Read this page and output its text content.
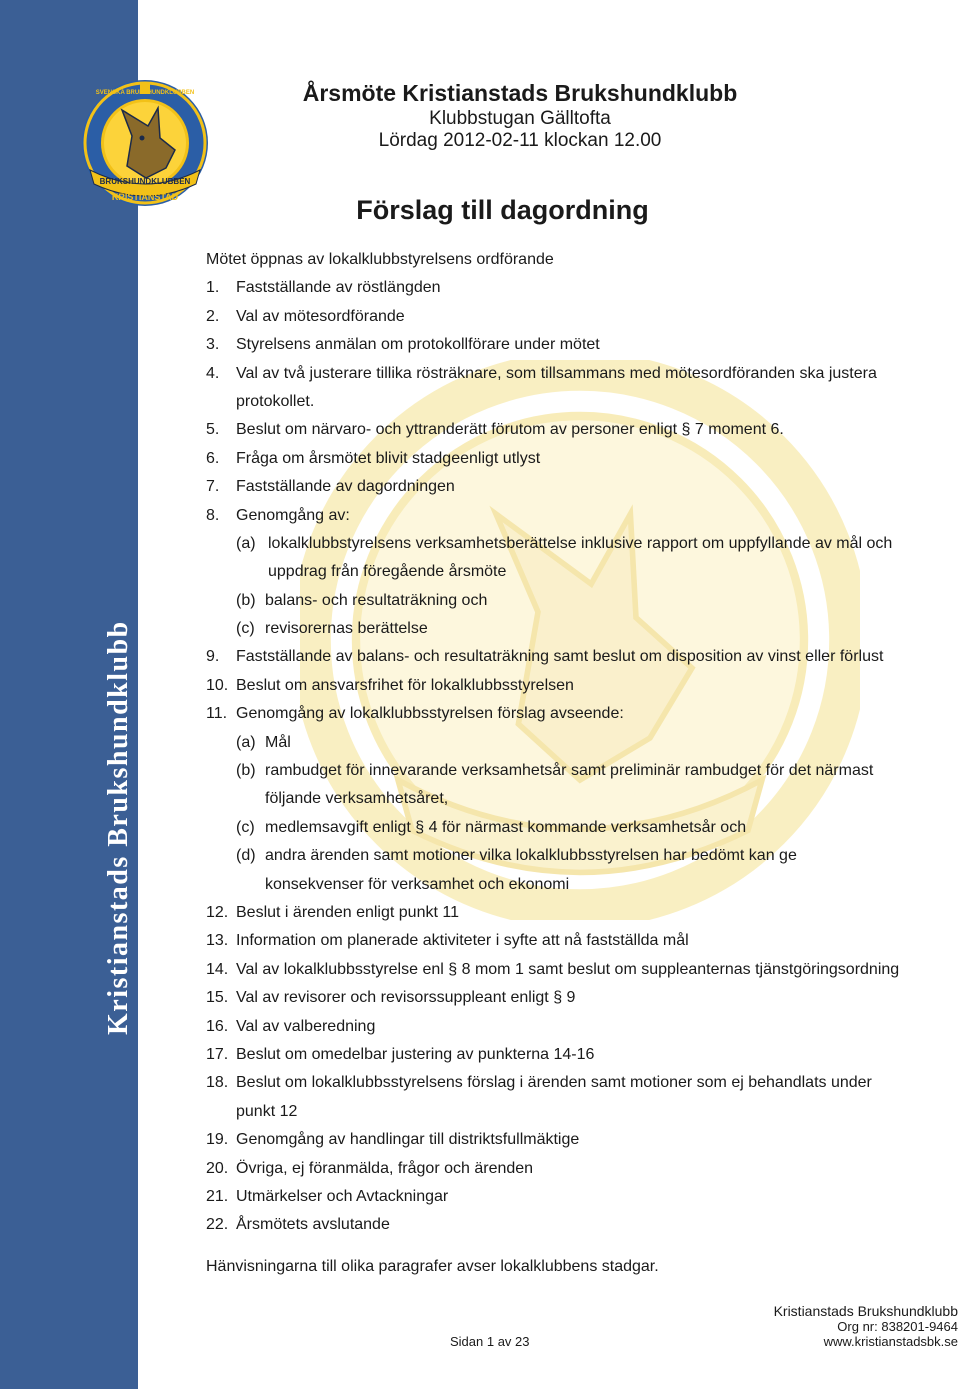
Kristianstads Brukshundklubb
BRUKSHUNDKLUBBEN
KRISTIANSTAD
SVENSKA BRUKSHUNDKLUBBEN	Årsmöte Kristianstads Brukshundklubb
Klubbstugan Gälltofta
Lördag 2012-02-11 klockan 12.00
Förslag till dagordning
Mötet öppnas av lokalklubbstyrelsens ordförande
1. Fastställande av röstlängden
2. Val av mötesordförande
3. Styrelsens anmälan om protokollförare under mötet
4. Val av två justerare tillika rösträknare, som tillsammans med mötesordföranden ska justera
protokollet.
5. Beslut om närvaro- och yttranderätt förutom av personer enligt § 7 moment 6.
6. Fråga om årsmötet blivit stadgeenligt utlyst
7. Fastställande av dagordningen
8. Genomgång av:
(a) lokalklubbstyrelsens verksamhetsberättelse inklusive rapport om uppfyllande av mål och
uppdrag från föregående årsmöte
(b) balans- och resultaträkning och
(c) revisorernas berättelse
9. Fastställande av balans- och resultaträkning samt beslut om disposition av vinst eller förlust
10. Beslut om ansvarsfrihet för lokalklubbsstyrelsen
11. Genomgång av lokalklubbsstyrelsen förslag avseende:
(a) Mål
(b) rambudget för innevarande verksamhetsår samt preliminär rambudget för det närmast
följande verksamhetsåret,
(c) medlemsavgift enligt § 4 för närmast kommande verksamhetsår och
(d) andra ärenden samt motioner vilka lokalklubbsstyrelsen har bedömt kan ge
konsekvenser för verksamhet och ekonomi
12. Beslut i ärenden enligt punkt 11
13. Information om planerade aktiviteter i syfte att nå fastställda mål
14. Val av lokalklubbsstyrelse enl § 8 mom 1 samt beslut om suppleanternas tjänstgöringsordning
15. Val av revisorer och revisorssuppleant enligt § 9
16. Val av valberedning
17. Beslut om omedelbar justering av punkterna 14-16
18. Beslut om lokalklubbsstyrelsens förslag i ärenden samt motioner som ej behandlats under
punkt 12
19. Genomgång av handlingar till distriktsfullmäktige
20. Övriga, ej föranmälda, frågor och ärenden
21. Utmärkelser och Avtackningar
22. Årsmötets avslutande
Hänvisningarna till olika paragrafer avser lokalklubbens stadgar.
Sidan 1 av 23
Kristianstads Brukshundklubb
Org nr: 838201-9464
www.kristianstadsbk.se
